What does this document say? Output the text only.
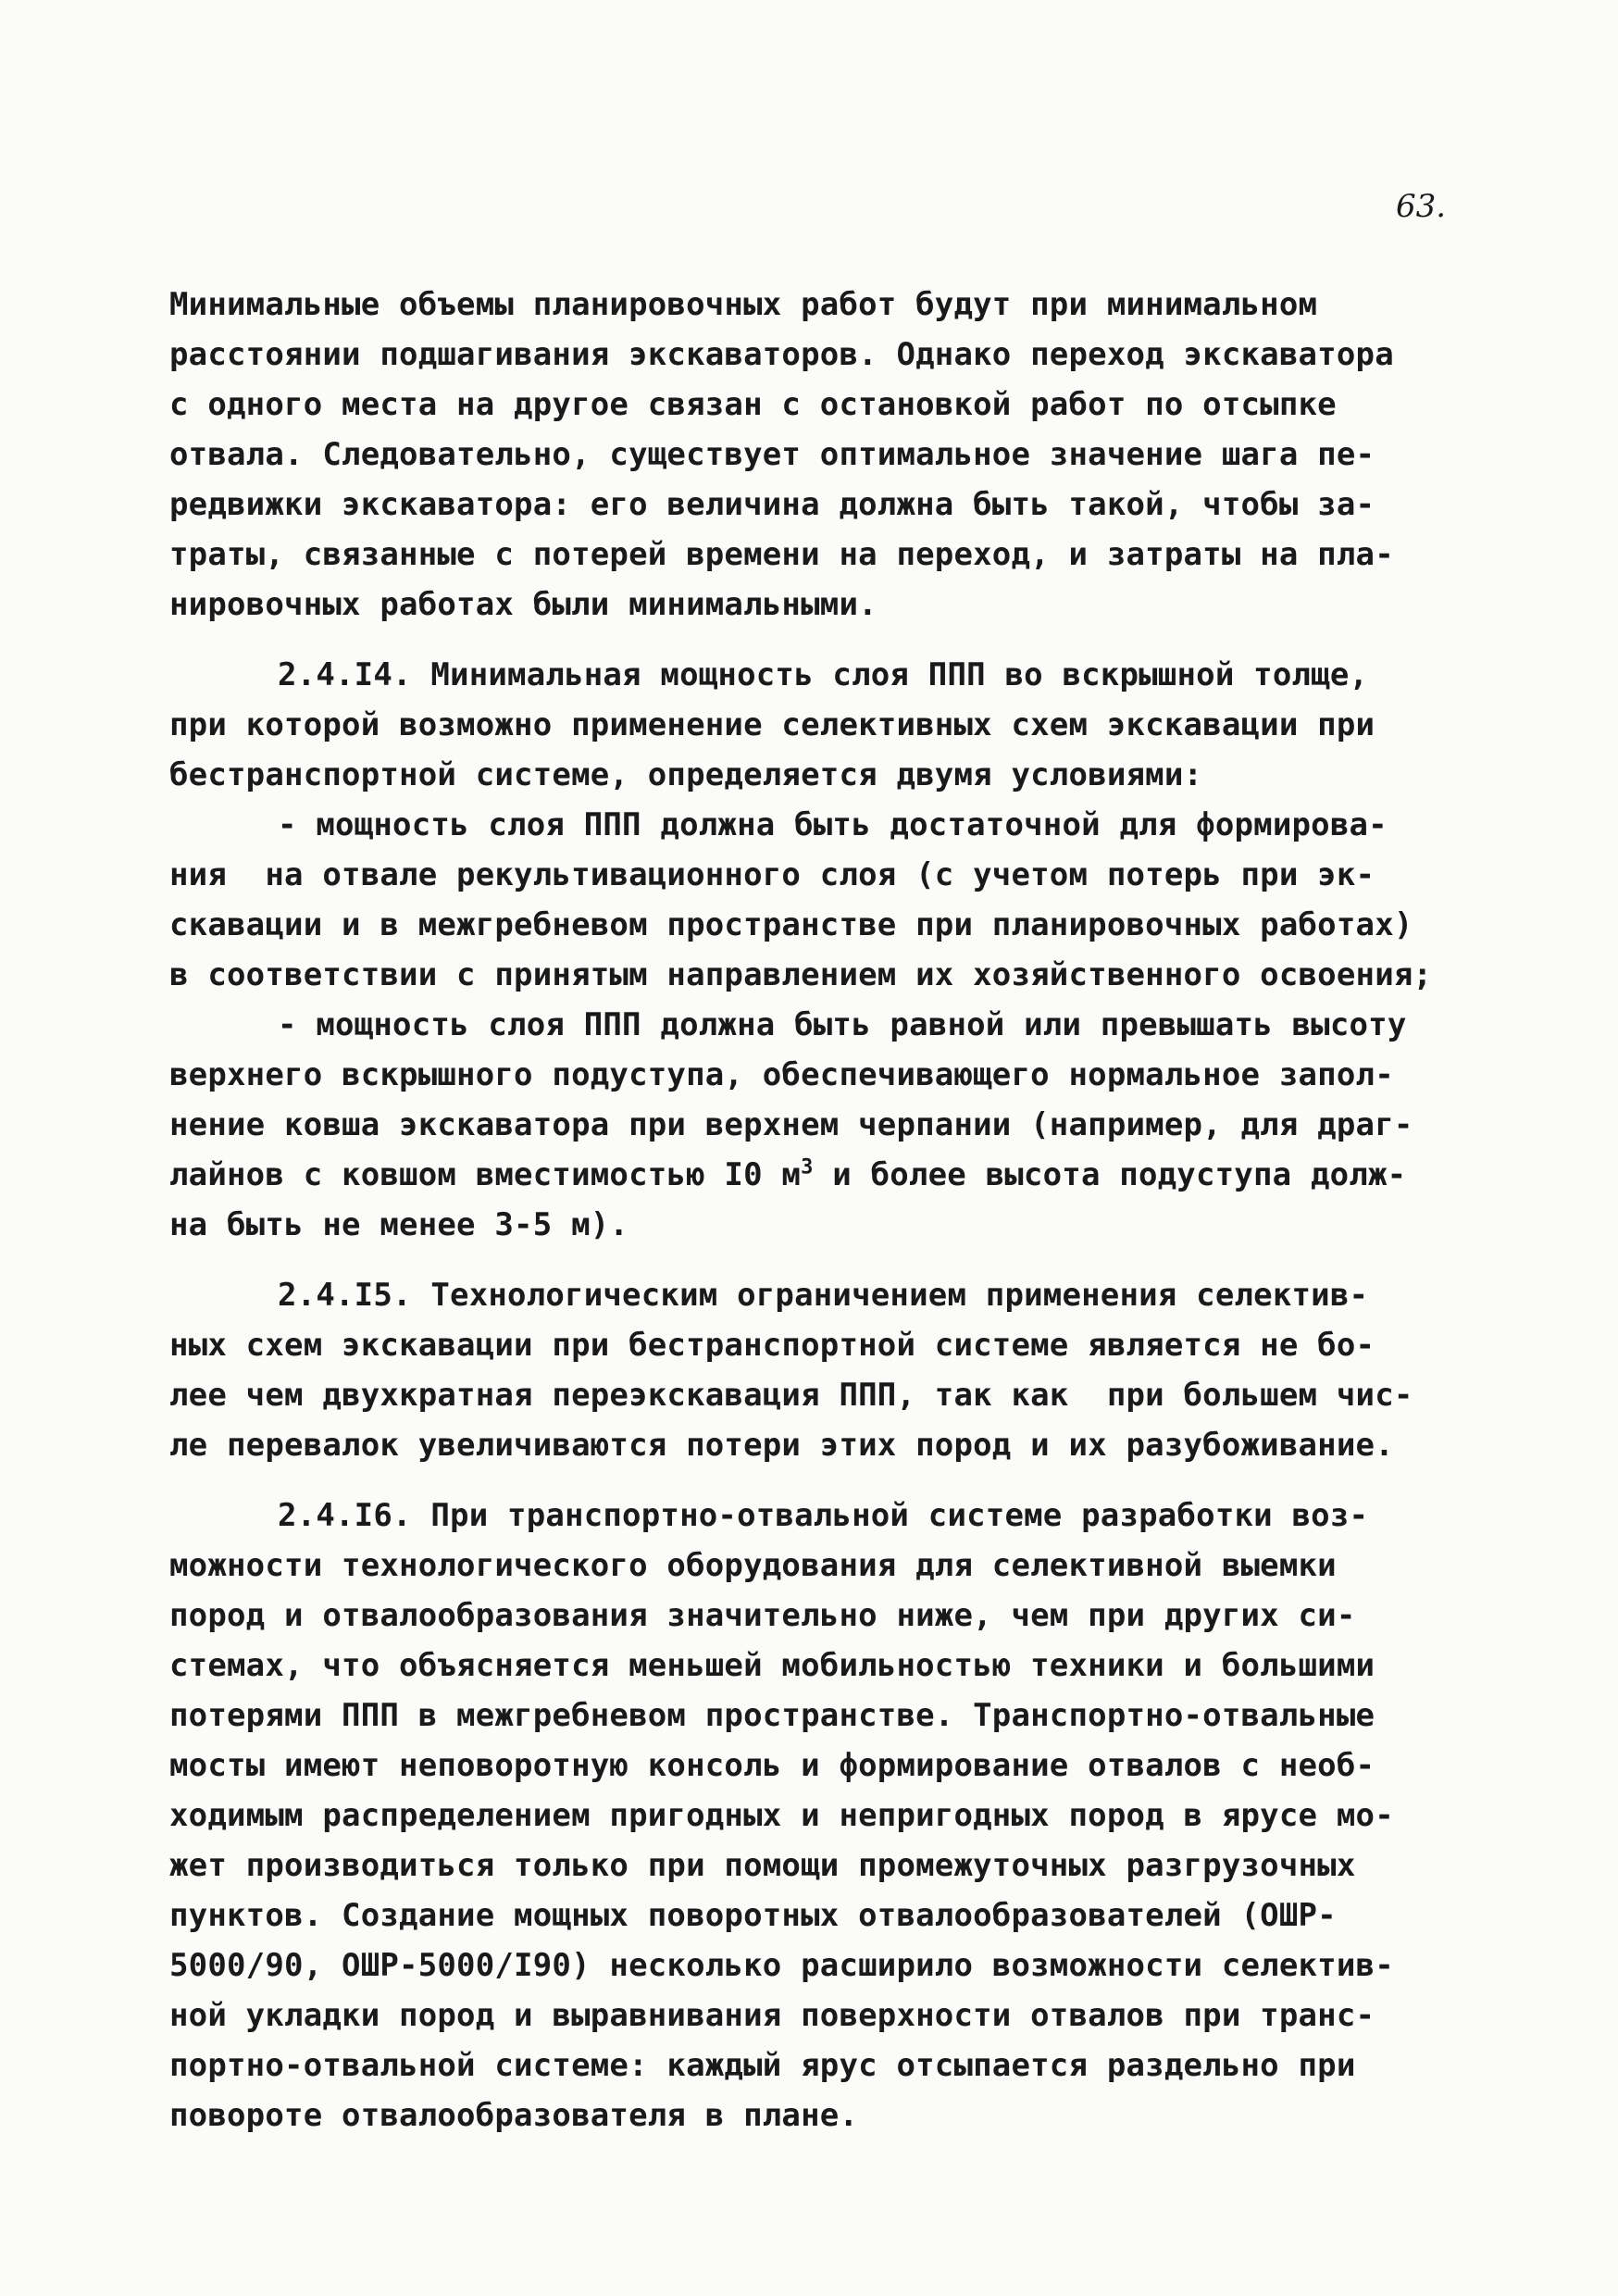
63.
Минимальные объемы планировочных работ будут при минимальном
расстоянии подшагивания экскаваторов. Однако переход экскаватора
с одного места на другое связан с остановкой работ по отсыпке
отвала. Следовательно, существует оптимальное значение шага пе-
редвижки экскаватора: его величина должна быть такой, чтобы за-
траты, связанные с потерей времени на переход, и затраты на пла-
нировочных работах были минимальными.
2.4.I4. Минимальная мощность слоя ППП во вскрышной толще,
при которой возможно применение селективных схем экскавации при
бестранспортной системе, определяется двумя условиями:
- мощность слоя ППП должна быть достаточной для формирова-
ния  на отвале рекультивационного слоя (с учетом потерь при эк-
скавации и в межгребневом пространстве при планировочных работах)
в соответствии с принятым направлением их хозяйственного освоения;
- мощность слоя ППП должна быть равной или превышать высоту
верхнего вскрышного подуступа, обеспечивающего нормальное запол-
нение ковша экскаватора при верхнем черпании (например, для драг-
лайнов с ковшом вместимостью I0 $м^3$ и более высота подуступа долж-
на быть не менее 3-5 м).
2.4.I5. Технологическим ограничением применения селектив-
ных схем экскавации при бестранспортной системе является не бо-
лее чем двухкратная переэкскавация ППП, так как  при большем чис-
ле перевалок увеличиваются потери этих пород и их разубоживание.
2.4.I6. При транспортно-отвальной системе разработки воз-
можности технологического оборудования для селективной выемки
пород и отвалообразования значительно ниже, чем при других си-
стемах, что объясняется меньшей мобильностью техники и большими
потерями ППП в межгребневом пространстве. Транспортно-отвальные
мосты имеют неповоротную консоль и формирование отвалов с необ-
ходимым распределением пригодных и непригодных пород в ярусе мо-
жет производиться только при помощи промежуточных разгрузочных
пунктов. Создание мощных поворотных отвалообразователей (ОШР-
5000/90, ОШР-5000/I90) несколько расширило возможности селектив-
ной укладки пород и выравнивания поверхности отвалов при транс-
портно-отвальной системе: каждый ярус отсыпается раздельно при
повороте отвалообразователя в плане.
